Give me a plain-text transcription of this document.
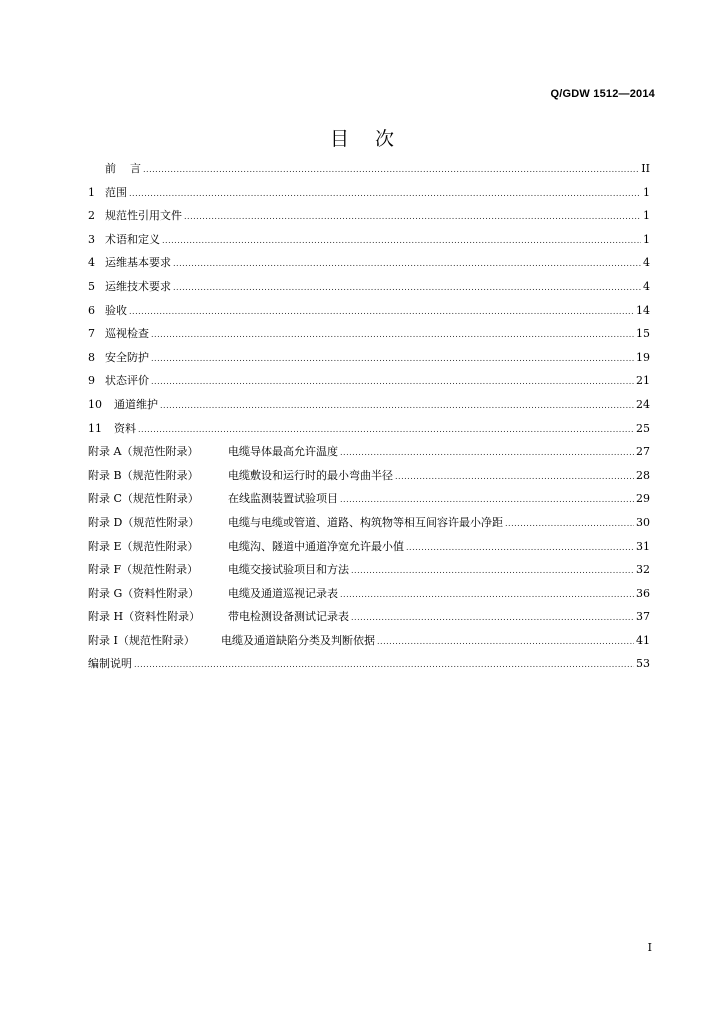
Q/GDW 1512—2014
目次
前    言 .....	II
1 范围 .....	1
2 规范性引用文件 .....	1
3 术语和定义 .....	1
4 运维基本要求 .....	4
5 运维技术要求 .....	4
6 验收 .....	14
7 巡视检查 .....	15
8 安全防护 .....	19
9 状态评价 .....	21
10	通道维护 .....	24
11	资料 .....	25
附录 A（规范性附录）	电缆导体最高允许温度 .....	27
附录 B（规范性附录）	电缆敷设和运行时的最小弯曲半径 .....	28
附录 C（规范性附录）	在线监测装置试验项目 .....	29
附录 D（规范性附录）	电缆与电缆或管道、道路、构筑物等相互间容许最小净距 .....	30
附录 E（规范性附录）	电缆沟、隧道中通道净宽允许最小值 .....	31
附录 F（规范性附录）	电缆交接试验项目和方法 .....	32
附录 G（资料性附录）	电缆及通道巡视记录表 .....	36
附录 H（资料性附录）	带电检测设备测试记录表 .....	37
附录 I（规范性附录）	电缆及通道缺陷分类及判断依据 .....	41
编制说明 .....	53
I
